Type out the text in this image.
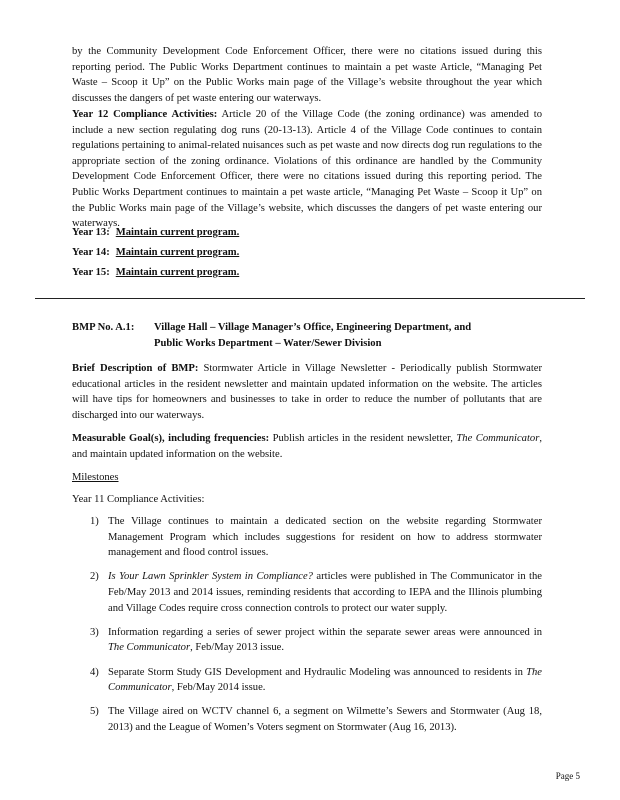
by the Community Development Code Enforcement Officer, there were no citations issued during this reporting period. The Public Works Department continues to maintain a pet waste Article, “Managing Pet Waste – Scoop it Up” on the Public Works main page of the Village’s website throughout the year which discusses the dangers of pet waste entering our waterways.

Year 12 Compliance Activities: Article 20 of the Village Code (the zoning ordinance) was amended to include a new section regulating dog runs (20-13-13). Article 4 of the Village Code continues to contain regulations pertaining to animal-related nuisances such as pet waste and now directs dog run regulations to the appropriate section of the zoning ordinance. Violations of this ordinance are handled by the Community Development Code Enforcement Officer, there were no citations issued during this reporting period. The Public Works Department continues to maintain a pet waste article, “Managing Pet Waste – Scoop it Up” on the Public Works main page of the Village’s website, which discusses the dangers of pet waste entering our waterways.

Year 13: Maintain current program.

Year 14: Maintain current program.

Year 15: Maintain current program.

BMP No. A.1: Village Hall – Village Manager’s Office, Engineering Department, and
Public Works Department – Water/Sewer Division

Brief Description of BMP: Stormwater Article in Village Newsletter - Periodically publish Stormwater educational articles in the resident newsletter and maintain updated information on the website. The articles will have tips for homeowners and businesses to take in order to reduce the number of pollutants that are discharged into our waterways.

Measurable Goal(s), including frequencies: Publish articles in the resident newsletter, The Communicator, and maintain updated information on the website.

Milestones

Year 11 Compliance Activities:

1) The Village continues to maintain a dedicated section on the website regarding Stormwater Management Program which includes suggestions for resident on how to address stormwater management and flood control issues.
2) Is Your Lawn Sprinkler System in Compliance? articles were published in The Communicator in the Feb/May 2013 and 2014 issues, reminding residents that according to IEPA and the Illinois plumbing and Village Codes require cross connection controls to protect our water supply.
3) Information regarding a series of sewer project within the separate sewer areas were announced in The Communicator, Feb/May 2013 issue.
4) Separate Storm Study GIS Development and Hydraulic Modeling was announced to residents in The Communicator, Feb/May 2014 issue.
5) The Village aired on WCTV channel 6, a segment on Wilmette’s Sewers and Stormwater (Aug 18, 2013) and the League of Women’s Voters segment on Stormwater (Aug 16, 2013).
Page 5
